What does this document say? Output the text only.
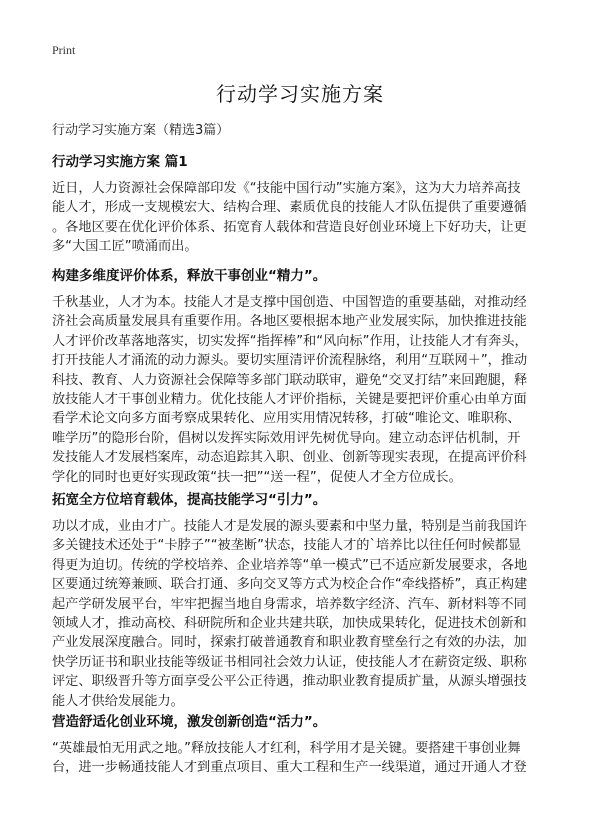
Print
行动学习实施方案
行动学习实施方案（精选3篇）
行动学习实施方案 篇1
近日，人力资源社会保障部印发《“技能中国行动”实施方案》，这为大力培养高技
能人才，形成一支规模宏大、结构合理、素质优良的技能人才队伍提供了重要遵循
。各地区要在优化评价体系、拓宽育人载体和营造良好创业环境上下好功夫，让更
多“大国工匠”喷涌而出。
构建多维度评价体系，释放干事创业“精力”。
千秋基业，人才为本。技能人才是支撑中国创造、中国智造的重要基础，对推动经
济社会高质量发展具有重要作用。各地区要根据本地产业发展实际，加快推进技能
人才评价改革落地落实，切实发挥“指挥棒”和“风向标”作用，让技能人才有奔头，
打开技能人才涌流的动力源头。要切实厘清评价流程脉络，利用“互联网＋”，推动
科技、教育、人力资源社会保障等多部门联动联审，避免“交叉打结”来回跑腿，释
放技能人才干事创业精力。优化技能人才评价指标，关键是要把评价重心由单方面
看学术论文向多方面考察成果转化、应用实用情况转移，打破“唯论文、唯职称、
唯学历”的隐形台阶，倡树以发挥实际效用评先树优导向。建立动态评估机制，开
发技能人才发展档案库，动态追踪其入职、创业、创新等现实表现，在提高评价科
学化的同时也更好实现政策“扶一把”“送一程”，促使人才全方位成长。
拓宽全方位培育载体，提高技能学习“引力”。
功以才成，业由才广。技能人才是发展的源头要素和中坚力量，特别是当前我国许
多关键技术还处于“卡脖子”“被垄断”状态，技能人才的`培养比以往任何时候都显
得更为迫切。传统的学校培养、企业培养等“单一模式”已不适应新发展要求，各地
区要通过统筹兼顾、联合打通、多向交叉等方式为校企合作“牵线搭桥”，真正构建
起产学研发展平台，牢牢把握当地自身需求，培养数字经济、汽车、新材料等不同
领域人才，推动高校、科研院所和企业共建共联，加快成果转化，促进技术创新和
产业发展深度融合。同时，探索打破普通教育和职业教育壁垒行之有效的办法，加
快学历证书和职业技能等级证书相同社会效力认证，使技能人才在薪资定级、职称
评定、职级晋升等方面享受公平公正待遇，推动职业教育提质扩量，从源头增强技
能人才供给发展能力。
营造舒适化创业环境，激发创新创造“活力”。
“英雄最怕无用武之地。”释放技能人才红利，科学用才是关键。要搭建干事创业舞
台，进一步畅通技能人才到重点项目、重大工程和生产一线渠道，通过开通人才登
